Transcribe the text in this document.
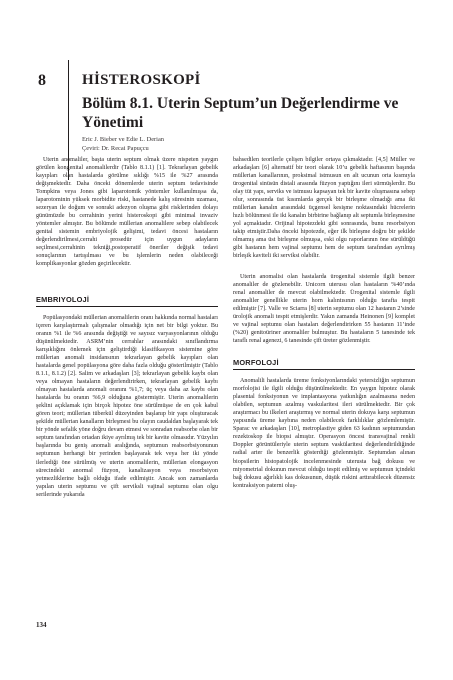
8 HİSTEROSKOPİ
Bölüm 8.1. Uterin Septum’un Değerlendirme ve Yönetimi
Eric J. Bieber ve Edie L. Derian
Çeviri: Dr. Recai Papuçcu

Uterin anomaliler, başta uterin septum olmak üzere nispeten yaygın görülen kongenital anomalilerdir (Tablo 8.1.1) [1]. Tekrarlayan gebelik kayıpları olan hastalarda görülme sıklığı %15 ile %27 arasında değişmektedir. Daha önceki dönemlerde uterin septum tedavisinde Tompkins veya Jones gibi laparotomik yöntemler kullanılmışsa da, laparotominin yüksek morbidite riski, hastanede kalış süresinin uzaması, sezeryan ile doğum ve sonraki adezyon oluşma gibi risklerinden dolayı günümüzde bu cerrahinin yerini histeroskopi gibi minimal invaziv yöntemler almıştır. Bu bölümde müllerian anomalilere sebep olabilecek genital sistemin embriyolojik gelişimi, tedavi öncesi hastaların değerlendirilmesi,cerrahi prosedür için uygun adayların seçilmesi,cerrahinin tekniği,postoperatif öneriler değişik tedavi sonuçlarının tartışılması ve bu işlemlerin neden olabileceği komplikasyonlar gözden geçirilecektir.

EMBRIYOLOJİ

Popülasyondaki müllerian anomalilerin oranı hakkında normal hastaları içeren karşılaştırmalı çalışmalar olmadığı için net bir bilgi yoktur. Bu oranın %1 ile %6 arasında değiştiği ve sayısız varyasyonlarının olduğu düşünülmektedir. ASRM’nin cerrahlar arasındaki sınıflandırma karışıklığını önlemek için geliştirdiği klasifikasyon sistemine göre müllerian anomali insidansının tekrarlayan gebelik kayıpları olan hastalarda genel popülasyona göre daha fazla olduğu gösterilmiştir (Tablo 8.1.1, 8.1.2) [2]. Salim ve arkadaşları [3]; tekrarlayan gebelik kaybı olan veya olmayan hastaların değerlendirirken, tekrarlayan gebelik kaybı olmayan hastalarda anomali oranını %1,7; üç veya daha az kaybı olan hastalarda bu oranın %6,9 olduğuna göstermiştir. Uterin anomalilerin şeklini açıklamak için birçok hipotez öne sürülmüşse de en çok kabul gören teori; müllerian tüberkül düzeyinden başlanıp bir yapı oluşturacak şekilde müllerian kanalların birleşmesi bu olayın caudaldan başlayarak tek bir yönde sefalik yöne doğru devam etmesi ve sonradan reabsorbe olan bir septum tarafından ortadan ikiye ayrılmış tek bir kavite olmasıdır. Yüzyılın başlarında bu geniş anomali aralığında, septumun reabsorbsiyonunun septumun herhangi bir yerinden başlayarak tek veya her iki yönde ilerlediği öne sürülmüş ve uterin anomalilerin, müllerian elongasyon sürecindeki anormal füzyon, kanalizasyon veya resorbsiyon yetmezliklerine bağlı olduğu ifade edilmiştir. Ancak son zamanlarda yapılan uterin septumu ve çift serviksli vajinal septumu olan olgu serilerinde yukarıda

bahsedilen teorilerle çelişen bilgiler ortaya çıkmaktadır. [4,5] Müller ve arkadaşları [6] alternatif bir teori olarak 10’u gebelik haftasının başında müllerian kanallarının, proksimal istmusun en alt ucunun orta kısmıyla ürogenital sinüsün distali arasında füzyon yaptığını ileri sürmüşlerdir. Bu olay tüt yapı, serviks ve istmusu kapsayan tek bir kavite oluşmasına sebep olur, sonrasında üst kısımlarda gerçek bir birleşme olmadığı ama iki müllerian kanalın arasındaki üçgensel kesişme noktasındaki hücrelerin hızlı bölünmesi ile iki kanalın birbirine bağlanıp alt septumla birleşmesine yol açmaktadır. Orijinal hipotezdeki gibi sonrasında, bunu resorbsiyon takip etmiştir.Daha önceki hipotezde, eğer ilk birleşme doğru bir şekilde olmamış ama üst birleşme olmuşsa, eski olgu raporlarının öne sürüldüğü gibi hastanın hem vajinal septumu hem de septum tarafından ayrılmış birleşik kaviteli iki serviksi olabilir.

Uterin anomalisi olan hastalarda ürogenital sistemle ilgili benzer anomaliler de gözlenebilir. Unicorn uterusu olan hastaların %40’ında renal anomaliler de mevcut olabilmektedir. Ürogenital sistemle ilgili anomaliler genellikle uterin horn kalıntısının olduğu tarafta tespit edilmiştir [7]. Valle ve Sciarra [8] uterin septumu olan 12 hastanın 2’sinde ürolojik anomali tespit etmişlerdir. Yakın zamanda Heinonen [9] komplet ve vajinal septumu olan hastaları değerlendirirken 55 hastanın 11’inde (%20) genitoüriner anomaliler bulmuştur. Bu hastaların 5 tanesinde tek taraflı renal agenezi, 6 tanesinde çift üreter gözlenmiştir.

MORFOLOJİ

Anomalili hastalarda üreme fonksiyonlarındaki yetersizliğin septumun morfolojisi ile ilgili olduğu düşünülmektedir. En yaygın hipotez olarak plasental fonksiyonun ve implantasyona yatkınlığın azalmasına neden olabilen, septumun azalmış vaskularitesi ileri sürülmektedir. Bir çok araştırmacı bu ilkeleri araştırmış ve normal uterin dokuya karşı septumun yapısında üreme kaybına neden olabilecek farklılıklar gözlemlemiştir. Sparac ve arkadaşları [10], metroplastiye giden 63 kadının septumundan rezektoskop ile biopsi almıştır. Operasyon öncesi transvajinal renkli Doppler görüntüleriyle uterin septum vaskülaritesi değerlendirildiğinde radial arter ile benzerlik gösterdiği gözlenmiştir. Septumdan alınan biopsilerin histopatolojik incelenmesinde uterusta bağ dokusu ve miyometrial dokunun mevcut olduğu tespit edilmiş ve septumun içindeki bağ dokusu ağırlıklı kas dokusunun, düşük riskini arttırabilecek düzensiz kontraksiyon paterni oluş-

134
